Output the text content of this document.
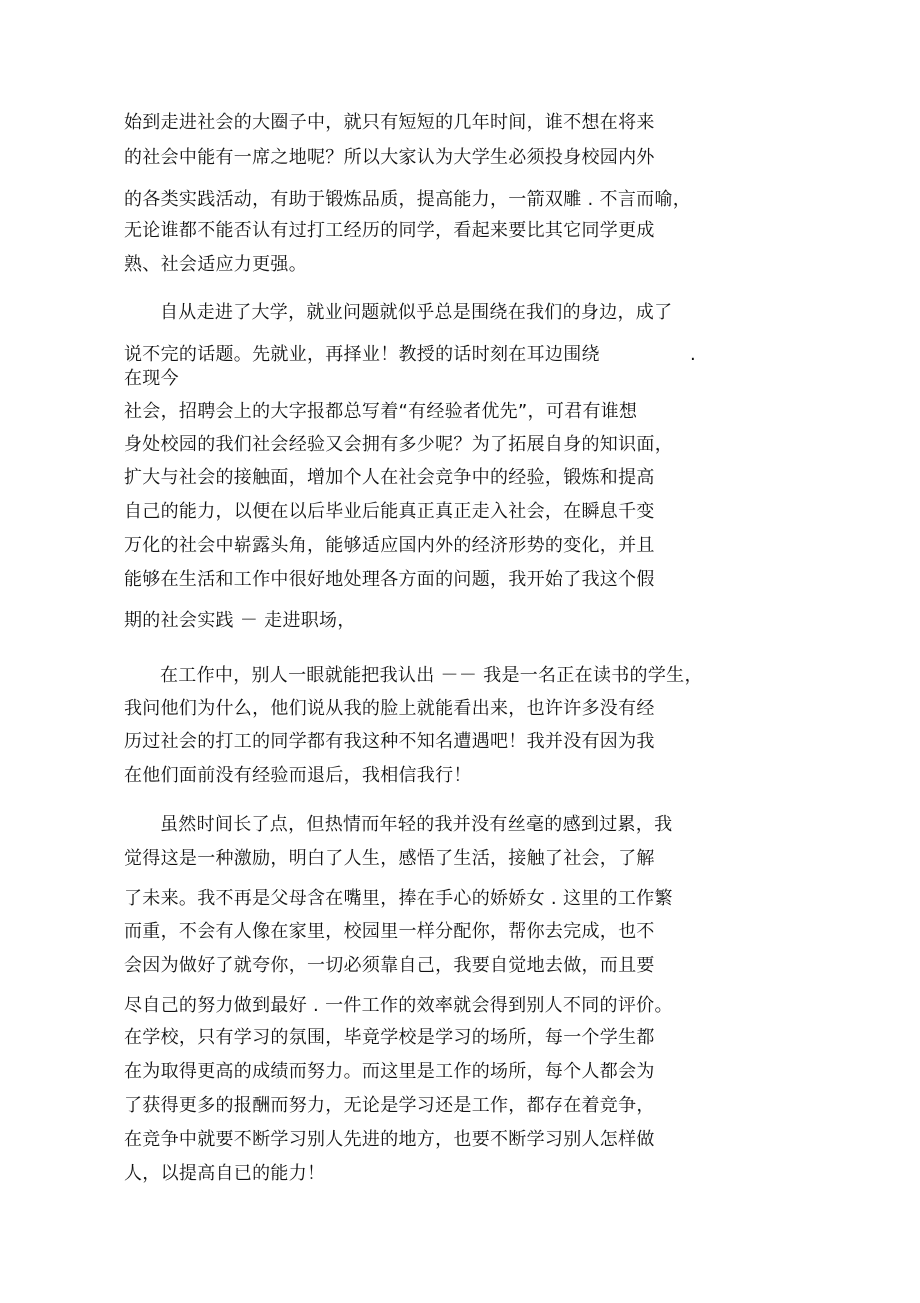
始到走进社会的大圈子中，就只有短短的几年时间，谁不想在将来
的社会中能有一席之地呢？所以大家认为大学生必须投身校园内外
的各类实践活动，有助于锻炼品质，提高能力，一箭双雕 . 不言而喻，
无论谁都不能否认有过打工经历的同学，看起来要比其它同学更成
熟、社会适应力更强。
自从走进了大学，就业问题就似乎总是围绕在我们的身边，成了
说不完的话题。先就业，再择业！教授的话时刻在耳边围绕	.
在现今
社会，招聘会上的大字报都总写着“有经验者优先”，可君有谁想
身处校园的我们社会经验又会拥有多少呢？为了拓展自身的知识面，
扩大与社会的接触面，增加个人在社会竞争中的经验，锻炼和提高
自己的能力，以便在以后毕业后能真正真正走入社会，在瞬息千变
万化的社会中崭露头角，能够适应国内外的经济形势的变化，并且
能够在生活和工作中很好地处理各方面的问题，我开始了我这个假
期的社会实践 － 走进职场，
在工作中，别人一眼就能把我认出 －－ 我是一名正在读书的学生，
我问他们为什么，他们说从我的脸上就能看出来，也许许多没有经
历过社会的打工的同学都有我这种不知名遭遇吧！我并没有因为我
在他们面前没有经验而退后，我相信我行！
虽然时间长了点，但热情而年轻的我并没有丝毫的感到过累，我
觉得这是一种激励，明白了人生，感悟了生活，接触了社会，了解
了未来。我不再是父母含在嘴里，捧在手心的娇娇女 . 这里的工作繁
而重，不会有人像在家里，校园里一样分配你，帮你去完成，也不
会因为做好了就夸你，一切必须靠自己，我要自觉地去做，而且要
尽自己的努力做到最好 . 一件工作的效率就会得到别人不同的评价。
在学校，只有学习的氛围，毕竟学校是学习的场所，每一个学生都
在为取得更高的成绩而努力。而这里是工作的场所，每个人都会为
了获得更多的报酬而努力，无论是学习还是工作，都存在着竞争，
在竞争中就要不断学习别人先进的地方，也要不断学习别人怎样做
人，以提高自已的能力！
